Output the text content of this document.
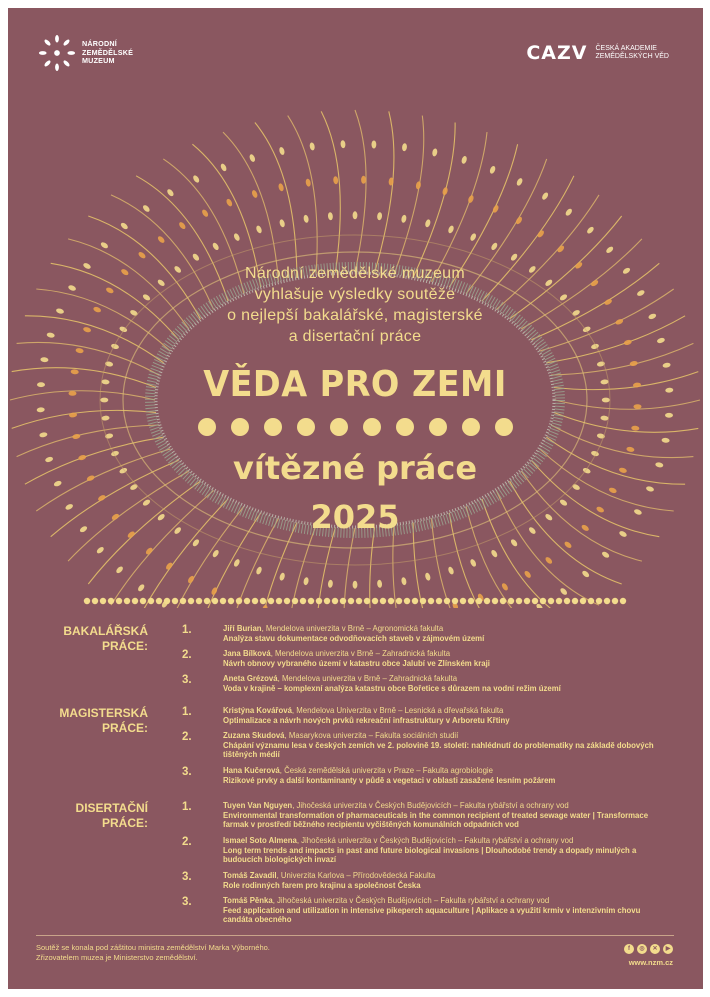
NÁRODNÍ
ZEMĚDĚLSKÉ
MUZEUM	CAZV ČESKÁ AKADEMIE
ZEMĚDĚLSKÝCH VĚD
Národní zemědělské muzeum
vyhlašuje výsledky soutěže
o nejlepší bakalářské, magisterské
a disertační práce
VĚDA PRO ZEMI
vítězné práce
2025
BAKALÁŘSKÁ
PRÁCE:
1.	Jiří Burian, Mendelova univerzita v Brně – Agronomická fakulta
Analýza stavu dokumentace odvodňovacích staveb v zájmovém území
2.	Jana Bílková, Mendelova univerzita v Brně – Zahradnická fakulta
Návrh obnovy vybraného území v katastru obce Jalubí ve Zlínském kraji
3.	Aneta Grézová, Mendelova univerzita v Brně – Zahradnická fakulta
Voda v krajině – komplexní analýza katastru obce Bořetice s důrazem na vodní režim území
MAGISTERSKÁ
PRÁCE:
1.	Kristýna Kovářová, Mendelova Univerzita v Brně – Lesnická a dřevařská fakulta
Optimalizace a návrh nových prvků rekreační infrastruktury v Arboretu Křtiny
2.	Zuzana Skudová, Masarykova univerzita – Fakulta sociálních studií
Chápání významu lesa v českých zemích ve 2. polovině 19. století: nahlédnutí do problematiky na základě dobových tištěných médií
3.	Hana Kučerová, Česká zemědělská univerzita v Praze – Fakulta agrobiologie
Rizikové prvky a další kontaminanty v půdě a vegetaci v oblasti zasažené lesním požárem
DISERTAČNÍ
PRÁCE:
1.	Tuyen Van Nguyen, Jihočeská univerzita v Českých Budějovicích – Fakulta rybářství a ochrany vod
Environmental transformation of pharmaceuticals in the common recipient of treated sewage water | Transformace farmak v prostředí běžného recipientu vyčištěných komunálních odpadních vod
2.	Ismael Soto Almena, Jihočeská univerzita v Českých Budějovicích – Fakulta rybářství a ochrany vod
Long term trends and impacts in past and future biological invasions | Dlouhodobé trendy a dopady minulých a budoucích biologických invazí
3.	Tomáš Zavadil, Univerzita Karlova – Přírodovědecká Fakulta
Role rodinných farem pro krajinu a společnost Česka
3.	Tomáš Pěnka, Jihočeská univerzita v Českých Budějovicích – Fakulta rybářství a ochrany vod
Feed application and utilization in intensive pikeperch aquaculture | Aplikace a využití krmiv v intenzivním chovu candáta obecného
Soutěž se konala pod záštitou ministra zemědělství Marka Výborného.
Zřizovatelem muzea je Ministerstvo zemědělství.
f	◎	✕	▶
www.nzm.cz
